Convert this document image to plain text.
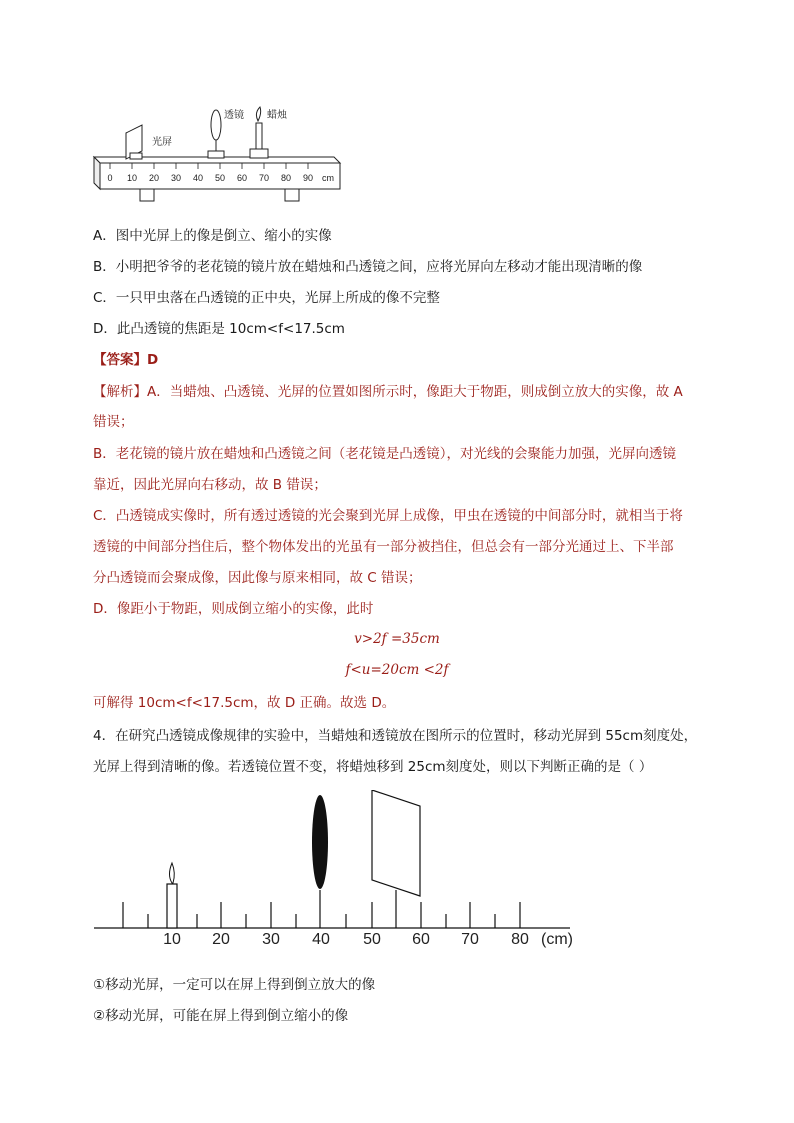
0 10 20 30 40 50 60 70 80 90 cm
光屏
透镜 蜡烛
A．图中光屏上的像是倒立、缩小的实像
B．小明把爷爷的老花镜的镜片放在蜡烛和凸透镜之间，应将光屏向左移动才能出现清晰的像
C．一只甲虫落在凸透镜的正中央，光屏上所成的像不完整
D．此凸透镜的焦距是 10cm<f<17.5cm
【答案】D
【解析】A．当蜡烛、凸透镜、光屏的位置如图所示时，像距大于物距，则成倒立放大的实像，故 A
错误；
B．老花镜的镜片放在蜡烛和凸透镜之间（老花镜是凸透镜），对光线的会聚能力加强，光屏向透镜
靠近，因此光屏向右移动，故 B 错误；
C．凸透镜成实像时，所有透过透镜的光会聚到光屏上成像，甲虫在透镜的中间部分时，就相当于将
透镜的中间部分挡住后，整个物体发出的光虽有一部分被挡住，但总会有一部分光通过上、下半部
分凸透镜而会聚成像，因此像与原来相同，故 C 错误；
D．像距小于物距，则成倒立缩小的实像，此时
v>2f =35cm
f<u=20cm <2f
可解得 10cm<f<17.5cm，故 D 正确。故选 D。
4．在研究凸透镜成像规律的实验中，当蜡烛和透镜放在图所示的位置时，移动光屏到 55cm刻度处，
光屏上得到清晰的像。若透镜位置不变，将蜡烛移到 25cm刻度处，则以下判断正确的是（ ）
10 20 30 40 50 60 70 80 (cm)
①移动光屏，一定可以在屏上得到倒立放大的像
②移动光屏，可能在屏上得到倒立缩小的像
